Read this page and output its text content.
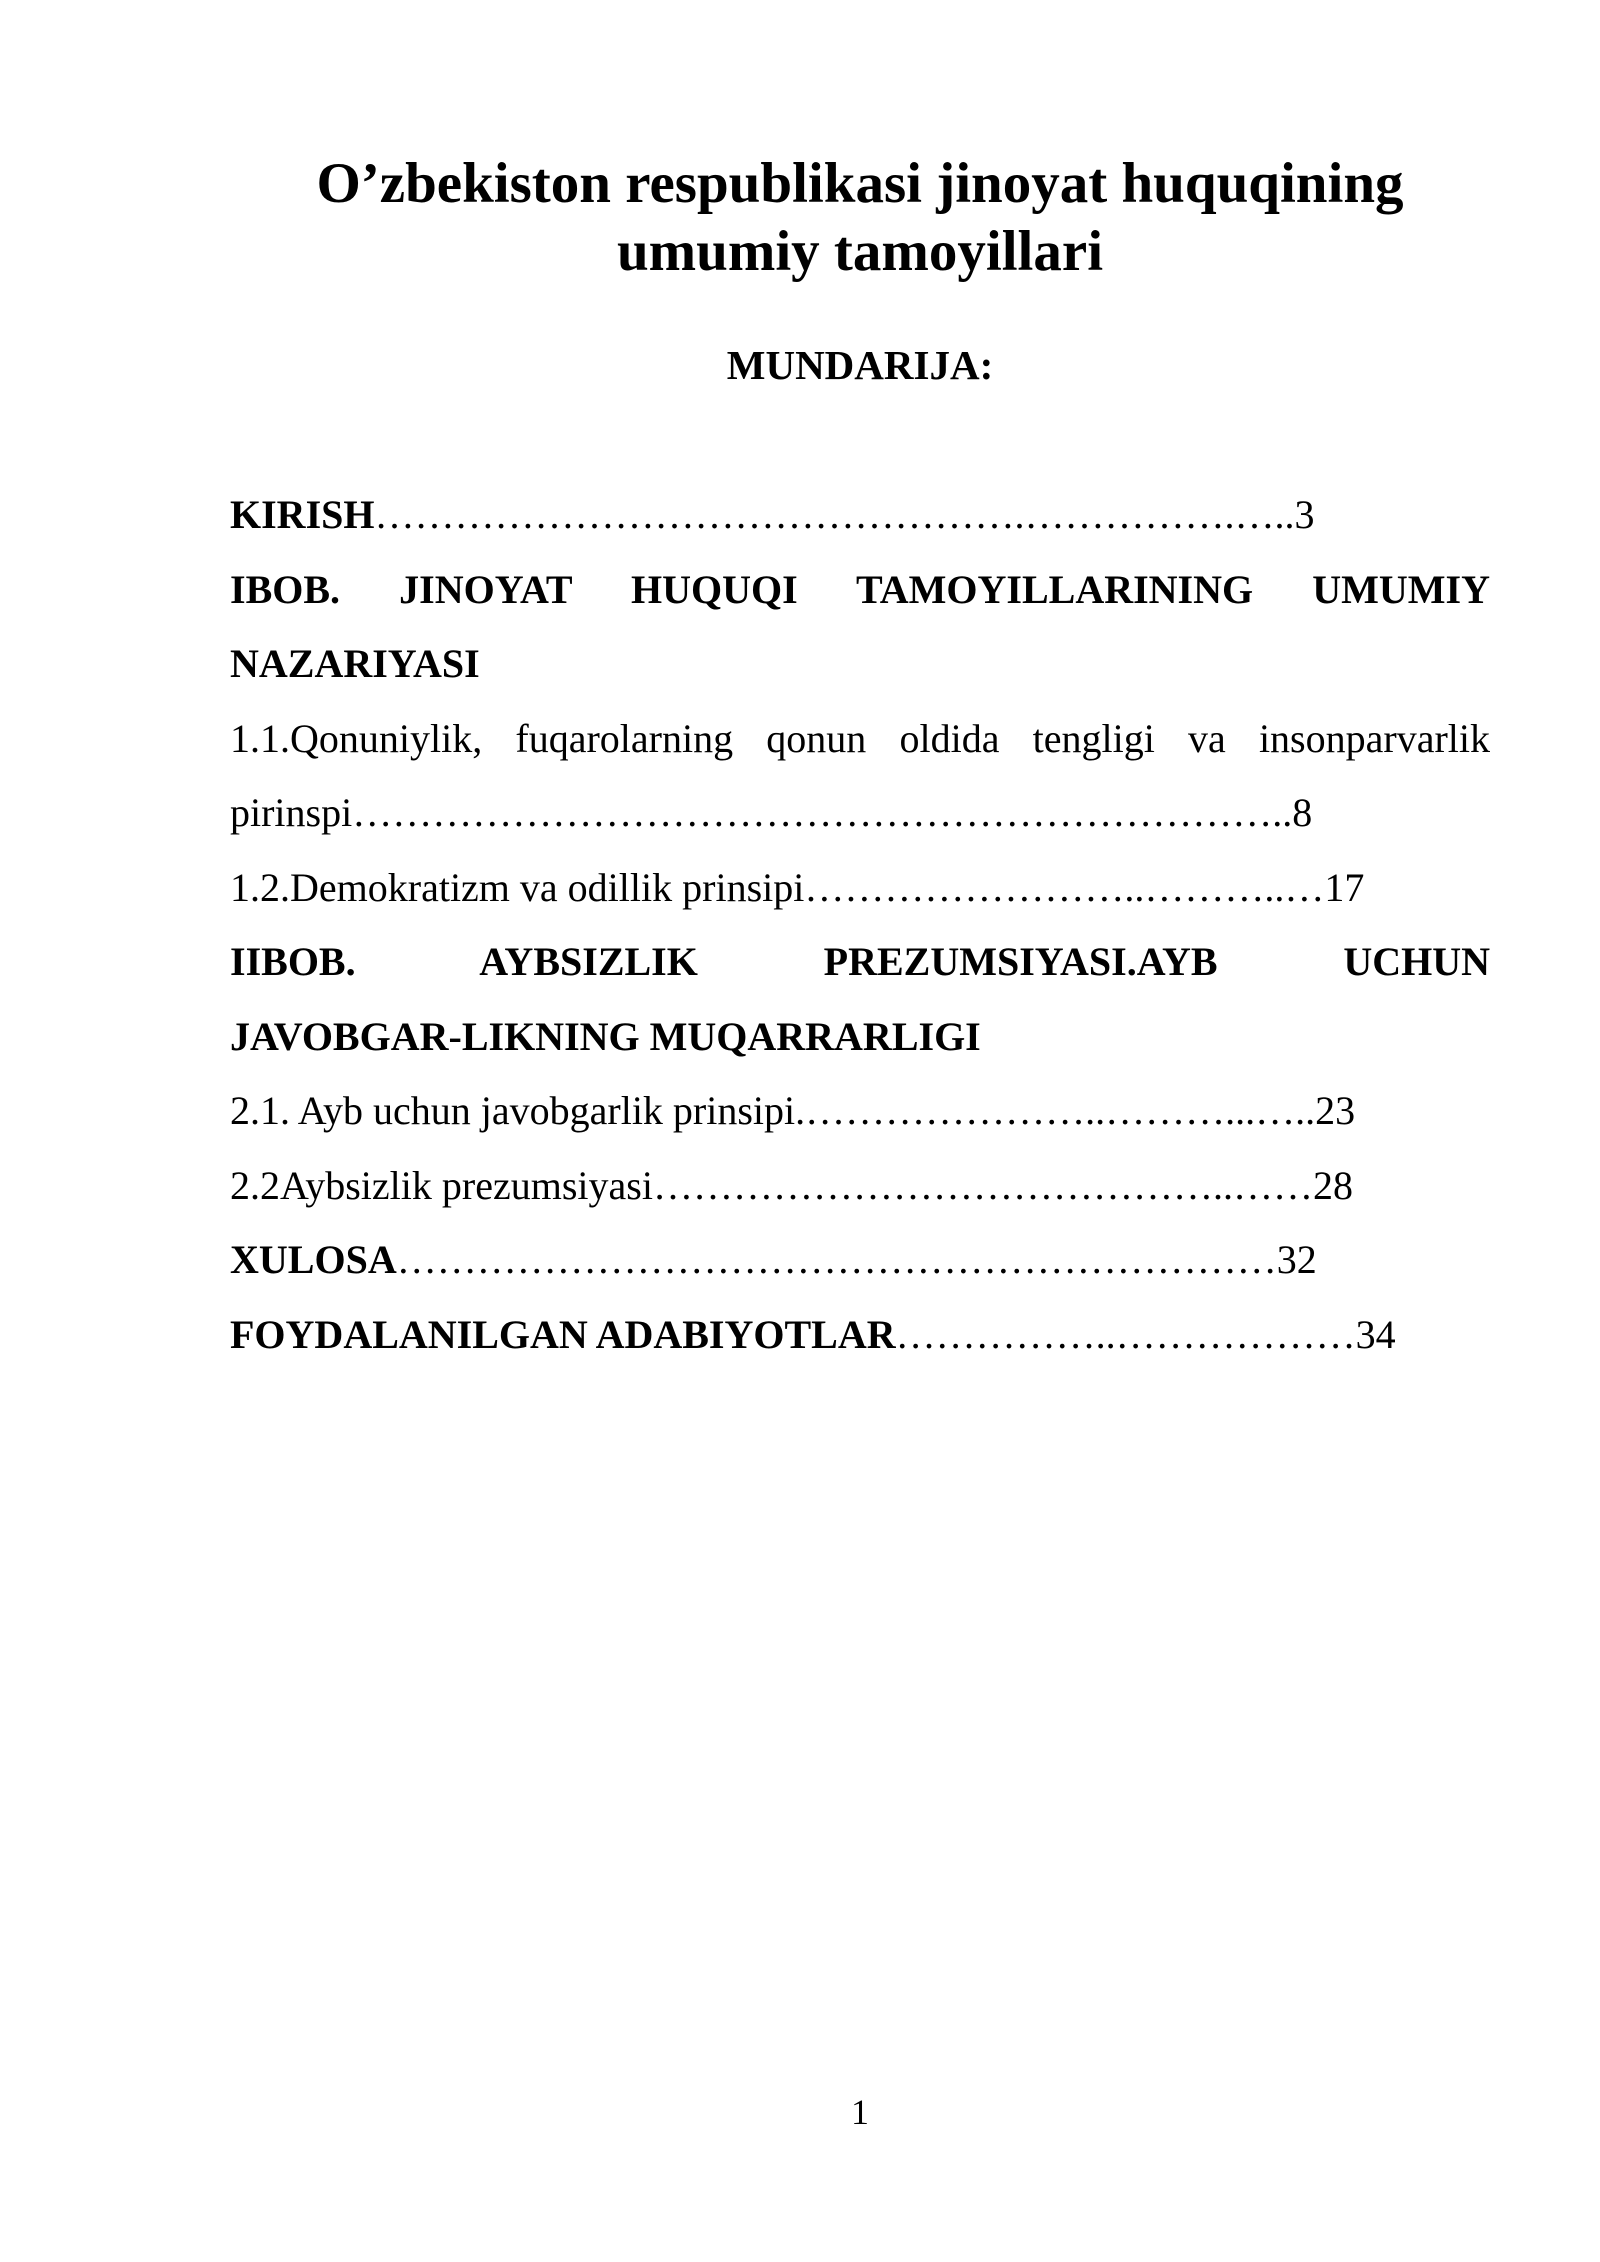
O’zbekiston respublikasi jinoyat huquqining
umumiy tamoyillari
MUNDARIJA:
KIRISH………………………………………….…………….…..3
IBOB. JINOYAT HUQUQI TAMOYILLARINING UMUMIY
NAZARIYASI
1.1.Qonuniylik, fuqarolarning qonun oldida tengligi va insonparvarlik
pirinspi……………………………………………………………..8
1.2.Demokratizm va odillik prinsipi……………………..………..…17
IIBOB. AYBSIZLIK PREZUMSIYASI.AYB UCHUN
JAVOBGAR-LIKNING MUQARRARLIGI
2.1. Ayb uchun javobgarlik prinsipi.…………………..………...…..23
2.2Aybsizlik prezumsiyasi……………………………………..……28
XULOSA…………………………………………………………32
FOYDALANILGAN ADABIYOTLAR……………..………………34
1
